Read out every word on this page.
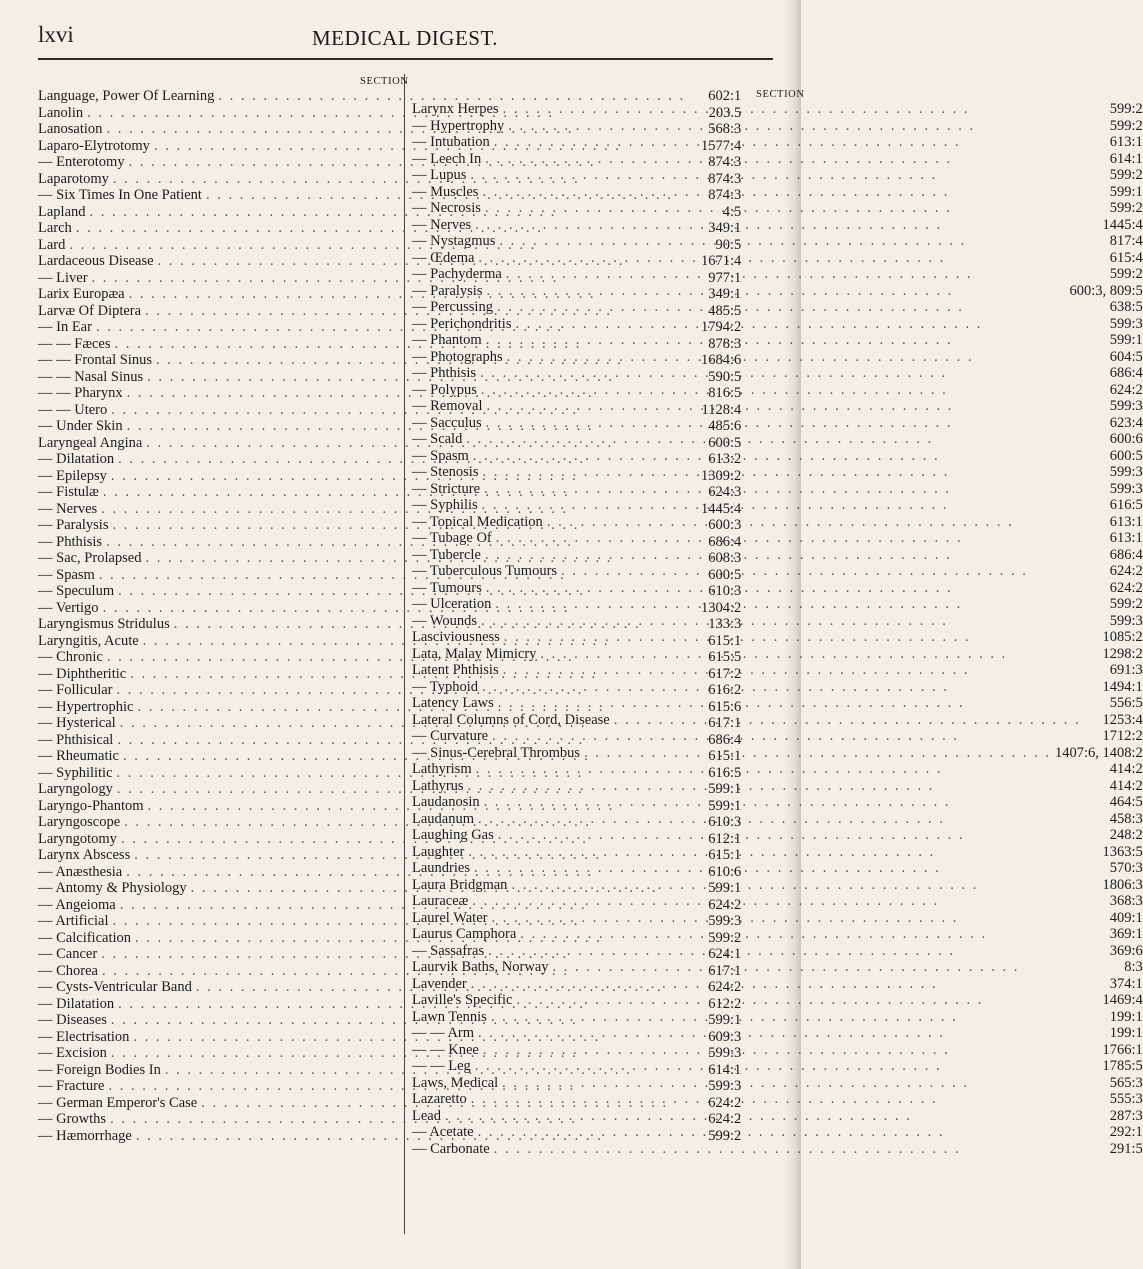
lxvi	MEDICAL DIGEST.
SECTION
Language, Power Of Learning . . .	602:1
Lanolin . . .	203.5
Lanosation . . .	568:3
Laparo-Elytrotomy . . .	1577:4
— Enterotomy . . .	874:3
Laparotomy . . .	874:3
— Six Times In One Patient . . .	874:3
Lapland . . .	4:5
Larch . . .	349:1
Lard . . .	90:5
Lardaceous Disease . . .	1671:4
— Liver . . .	977:1
Larix Europæa . . .	349:1
Larvæ Of Diptera . . .	485:5
— In Ear . . .	1794:2
— — Fæces . . .	878:3
— — Frontal Sinus . . .	1684:6
— — Nasal Sinus . . .	590:5
— — Pharynx . . .	816:5
— — Utero . . .	1128:4
— Under Skin . . .	485:6
Laryngeal Angina . . .	600:5
— Dilatation . . .	613:2
— Epilepsy . . .	1309:2
— Fistulæ . . .	624:3
— Nerves . . .	1445:4
— Paralysis . . .	600:3
— Phthisis . . .	686:4
— Sac, Prolapsed . . .	608:3
— Spasm . . .	600:5
— Speculum . . .	610:3
— Vertigo . . .	1304:2
Laryngismus Stridulus . . .	133:3
Laryngitis, Acute . . .	615:1
— Chronic . . .	615:5
— Diphtheritic . . .	617:2
— Follicular . . .	616:2
— Hypertrophic . . .	615:6
— Hysterical . . .	617:1
— Phthisical . . .	686:4
— Rheumatic . . .	615:1
— Syphilitic . . .	616:5
Laryngology . . .	599:1
Laryngo-Phantom . . .	599:1
Laryngoscope . . .	610:3
Laryngotomy . . .	612:1
Larynx Abscess . . .	615:1
— Anæsthesia . . .	610:6
— Antomy & Physiology . . .	599:1
— Angeioma . . .	624:2
— Artificial . . .	599:3
— Calcification . . .	599:2
— Cancer . . .	624:1
— Chorea . . .	617:1
— Cysts-Ventricular Band . . .	624:2
— Dilatation . . .	612:2
— Diseases . . .	599:1
— Electrisation . . .	609:3
— Excision . . .	599:3
— Foreign Bodies In . . .	614:1
— Fracture . . .	599:3
— German Emperor's Case . . .	624:2
— Growths . . .	624:2
— Hæmorrhage . . .	599:2
SECTION
Larynx Herpes . . .	599:2
— Hypertrophy . . .	599:2
— Intubation . . .	613:1
— Leech In . . .	614:1
— Lupus . . .	599:2
— Muscles . . .	599:1
— Necrosis . . .	599:2
— Nerves . . .	1445:4
— Nystagmus . . .	817:4
— Œdema . . .	615:4
— Pachyderma . . .	599:2
— Paralysis . . .	600:3, 809:5
— Percussing . . .	638:5
— Perichondritis . . .	599:3
— Phantom . . .	599:1
— Photographs . . .	604:5
— Phthisis . . .	686:4
— Polypus . . .	624:2
— Removal . . .	599:3
— Sacculus . . .	623:4
— Scald . . .	600:6
— Spasm . . .	600:5
— Stenosis . . .	599:3
— Stricture . . .	599:3
— Syphilis . . .	616:5
— Topical Medication . . .	613:1
— Tubage Of . . .	613:1
— Tubercle . . .	686:4
— Tuberculous Tumours . . .	624:2
— Tumours . . .	624:2
— Ulceration . . .	599:2
— Wounds . . .	599:3
Lasciviousness . . .	1085:2
Lata, Malay Mimicry . . .	1298:2
Latent Phthisis . . .	691:3
— Typhoid . . .	1494:1
Latency Laws . . .	556:5
Lateral Columns of Cord, Disease . . .	1253:4
— Curvature . . .	1712:2
— Sinus-Cerebral Thrombus . . .	1407:6, 1408:2
Lathyrism . . .	414:2
Lathyrus . . .	414:2
Laudanosin . . .	464:5
Laudanum . . .	458:3
Laughing Gas . . .	248:2
Laughter . . .	1363:5
Laundries . . .	570:3
Laura Bridgman . . .	1806:3
Lauraceæ . . .	368:3
Laurel Water . . .	409:1
Laurus Camphora . . .	369:1
— Sassafras . . .	369:6
Laurvik Baths, Norway . . .	8:3
Lavender . . .	374:1
Laville's Specific . . .	1469:4
Lawn Tennis . . .	199:1
— — Arm . . .	199:1
— — Knee . . .	1766:1
— — Leg . . .	1785:5
Laws, Medical . . .	565:3
Lazaretto . . .	555:3
Lead . . .	287:3
— Acetate . . .	292:1
— Carbonate . . .	291:5
